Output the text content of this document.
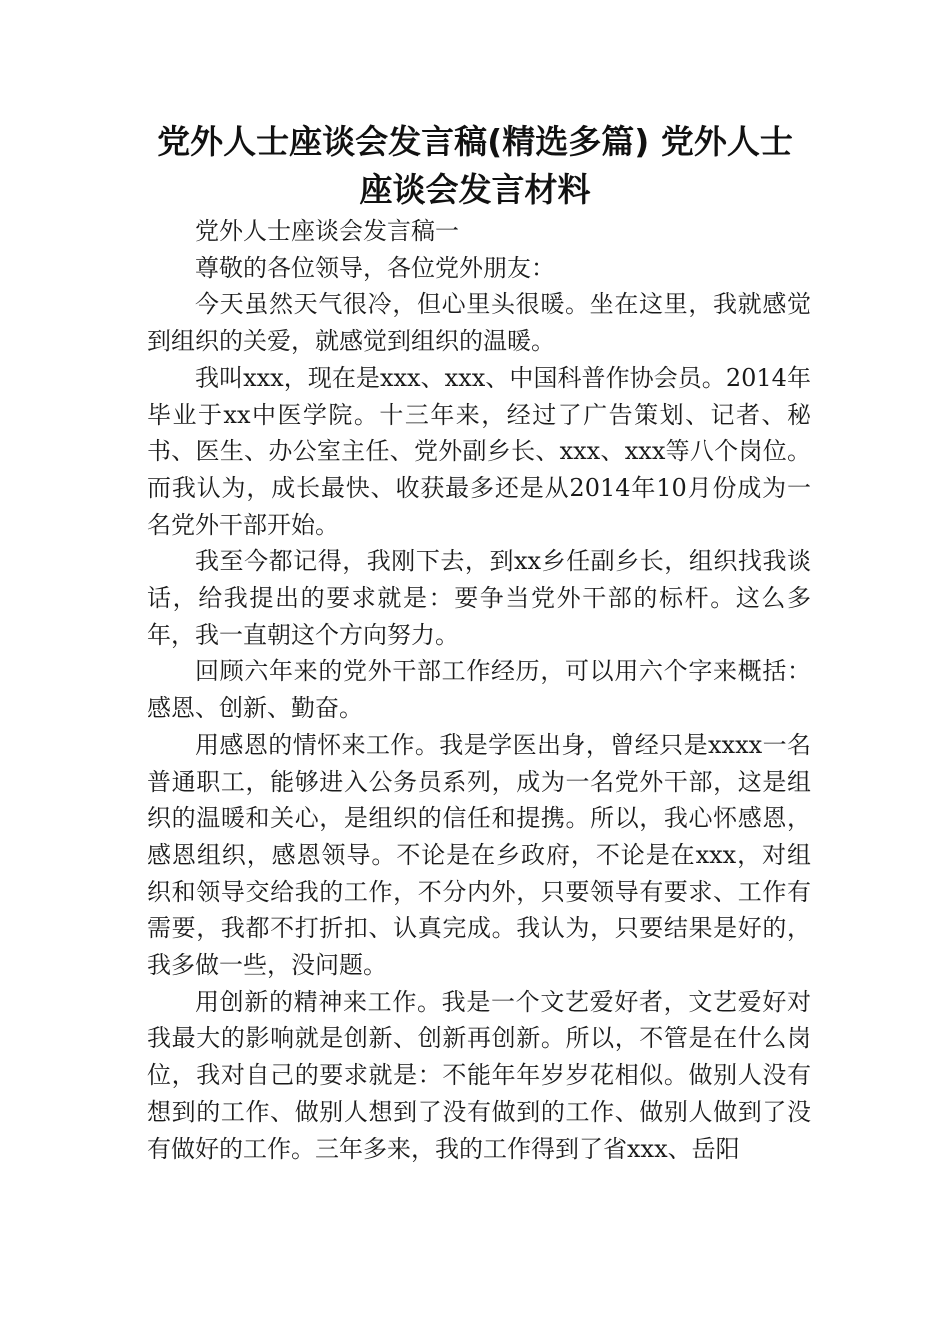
党外人士座谈会发言稿(精选多篇) 党外人士
座谈会发言材料

党外人士座谈会发言稿一

尊敬的各位领导，各位党外朋友：

今天虽然天气很冷，但心里头很暖。坐在这里，我就感觉到组织的关爱，就感觉到组织的温暖。

我叫xxx，现在是xxx、xxx、中国科普作协会员。2014年毕业于xx中医学院。十三年来，经过了广告策划、记者、秘书、医生、办公室主任、党外副乡长、xxx、xxx等八个岗位。而我认为，成长最快、收获最多还是从2014年10月份成为一名党外干部开始。

我至今都记得，我刚下去，到xx乡任副乡长，组织找我谈话，给我提出的要求就是：要争当党外干部的标杆。这么多年，我一直朝这个方向努力。

回顾六年来的党外干部工作经历，可以用六个字来概括：感恩、创新、勤奋。

用感恩的情怀来工作。我是学医出身，曾经只是xxxx一名普通职工，能够进入公务员系列，成为一名党外干部，这是组织的温暖和关心，是组织的信任和提携。所以，我心怀感恩，感恩组织，感恩领导。不论是在乡政府，不论是在xxx，对组织和领导交给我的工作，不分内外，只要领导有要求、工作有需要，我都不打折扣、认真完成。我认为，只要结果是好的，我多做一些，没问题。

用创新的精神来工作。我是一个文艺爱好者，文艺爱好对我最大的影响就是创新、创新再创新。所以，不管是在什么岗位，我对自己的要求就是：不能年年岁岁花相似。做别人没有想到的工作、做别人想到了没有做到的工作、做别人做到了没有做好的工作。三年多来，我的工作得到了省xxx、岳阳
